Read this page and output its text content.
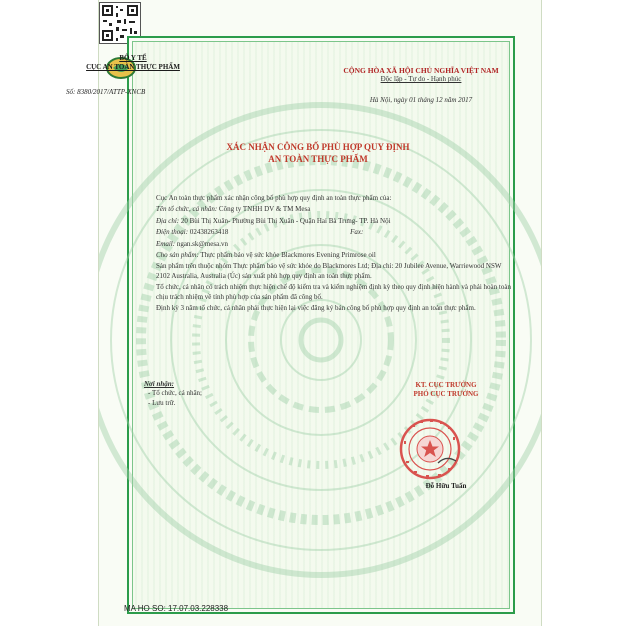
BỘ Y TẾ
CỤC AN TOÀN THỰC PHẨM
Số: 8380/2017/ATTP-XNCB
CỘNG HÒA XÃ HỘI CHỦ NGHĨA VIỆT NAM
Độc lập - Tự do - Hạnh phúc
Hà Nội, ngày 01 tháng 12 năm 2017
XÁC NHẬN CÔNG BỐ PHÙ HỢP QUY ĐỊNH
AN TOÀN THỰC PHẨM

Cục An toàn thực phẩm xác nhận công bố phù hợp quy định an toàn thực phẩm của:

Tên tổ chức, cá nhân: Công ty TNHH DV & TM Mesa

Địa chỉ: 20 Bùi Thị Xuân- Phường Bùi Thị Xuân - Quận Hai Bà Trưng- TP. Hà Nội

Điện thoại: 02438263418	Fax:

Email: ngan.sk@mesa.vn

Cho sản phẩm: Thực phẩm bảo vệ sức khỏe Blackmores Evening Primrose oil

Sản phẩm trên thuộc nhóm Thực phẩm bảo vệ sức khỏe do Blackmores Ltd; Địa chỉ: 20 Jubilee Avenue, Warriewood NSW 2102 Australia, Australia (Úc) sản xuất phù hợp quy định an toàn thực phẩm.

Tổ chức, cá nhân có trách nhiệm thực hiện chế độ kiểm tra và kiểm nghiệm định kỳ theo quy định hiện hành và phải hoàn toàn chịu trách nhiệm về tính phù hợp của sản phẩm đã công bố.

Định kỳ 3 năm tổ chức, cá nhân phải thực hiện lại việc đăng ký bản công bố phù hợp quy định an toàn thực phẩm.

Nơi nhận:
- Tổ chức, cá nhân;
- Lưu trữ.
KT. CỤC TRƯỞNG
PHÓ CỤC TRƯỞNG
Đỗ Hữu Tuấn
MA HO SO: 17.07.03.228338
